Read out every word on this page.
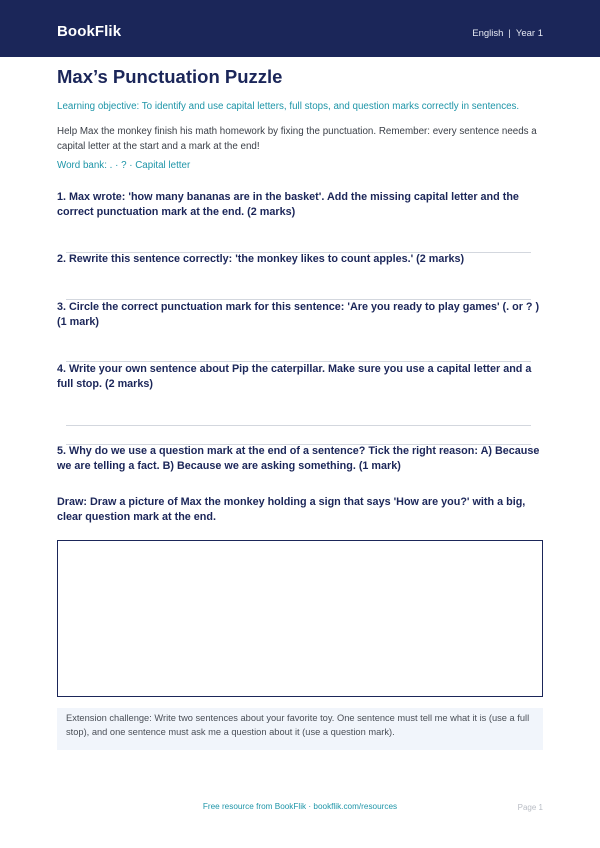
BookFlik	English | Year 1
Max’s Punctuation Puzzle
Learning objective: To identify and use capital letters, full stops, and question marks correctly in sentences.
Help Max the monkey finish his math homework by fixing the punctuation. Remember: every sentence needs a capital letter at the start and a mark at the end!
Word bank: . · ? · Capital letter
1. Max wrote: 'how many bananas are in the basket'. Add the missing capital letter and the correct punctuation mark at the end. (2 marks)
2. Rewrite this sentence correctly: 'the monkey likes to count apples.' (2 marks)
3. Circle the correct punctuation mark for this sentence: 'Are you ready to play games' (. or ? ) (1 mark)
4. Write your own sentence about Pip the caterpillar. Make sure you use a capital letter and a full stop. (2 marks)
5. Why do we use a question mark at the end of a sentence? Tick the right reason: A) Because we are telling a fact. B) Because we are asking something. (1 mark)
Draw: Draw a picture of Max the monkey holding a sign that says 'How are you?' with a big, clear question mark at the end.
Extension challenge: Write two sentences about your favorite toy. One sentence must tell me what it is (use a full stop), and one sentence must ask me a question about it (use a question mark).
Free resource from BookFlik · bookflik.com/resources	Page 1
